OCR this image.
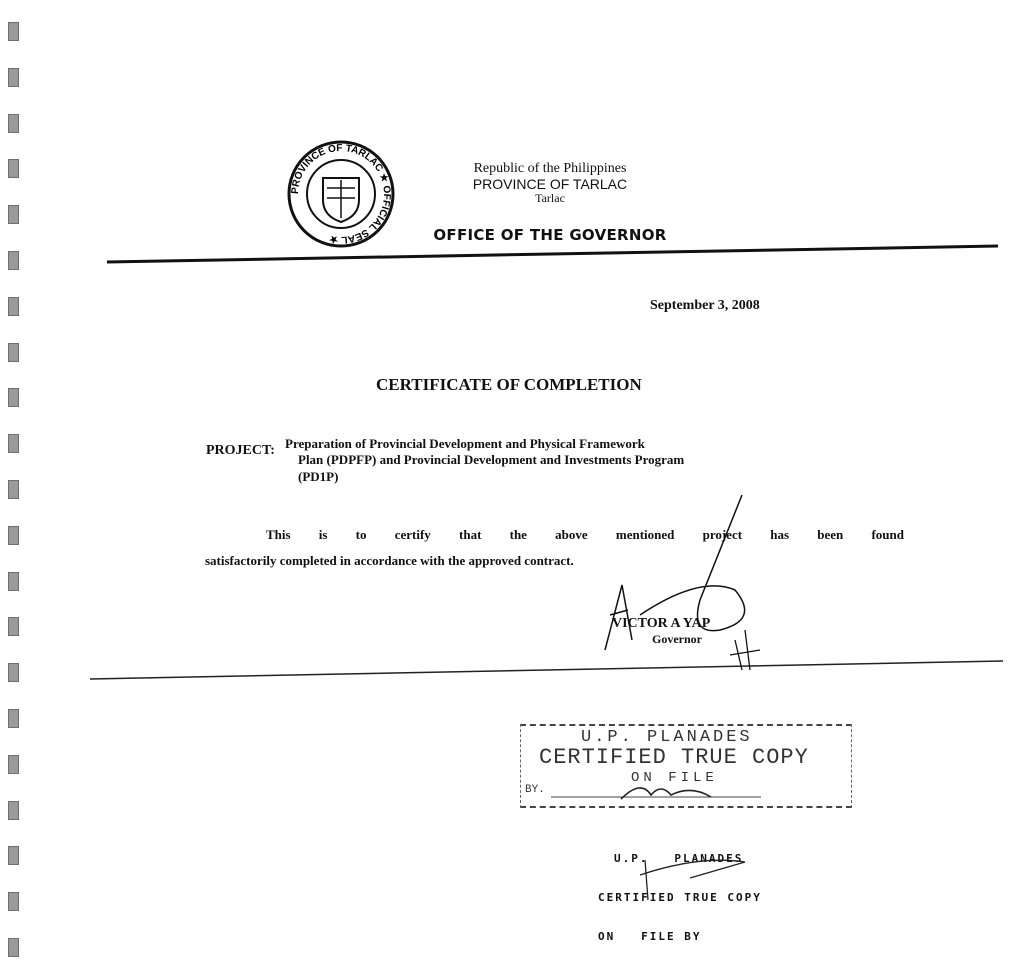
PROVINCE OF TARLAC ★ OFFICIAL SEAL ★
Republic of the Philippines
PROVINCE OF TARLAC
Tarlac
OFFICE OF THE GOVERNOR
September 3, 2008
CERTIFICATE OF COMPLETION
PROJECT: Preparation of Provincial Development and Physical Framework
Plan (PDPFP) and Provincial Development and Investments Program
(PD1P)
This is to certify that the above mentioned project has been found
satisfactorily completed in accordance with the approved contract.
VICTOR A YAP
Governor
U.P. PLANADES
CERTIFIED TRUE COPY
ON FILE
BY.

U.P.   PLANADES

CERTIFIED TRUE COPY

ON   FILE BY
